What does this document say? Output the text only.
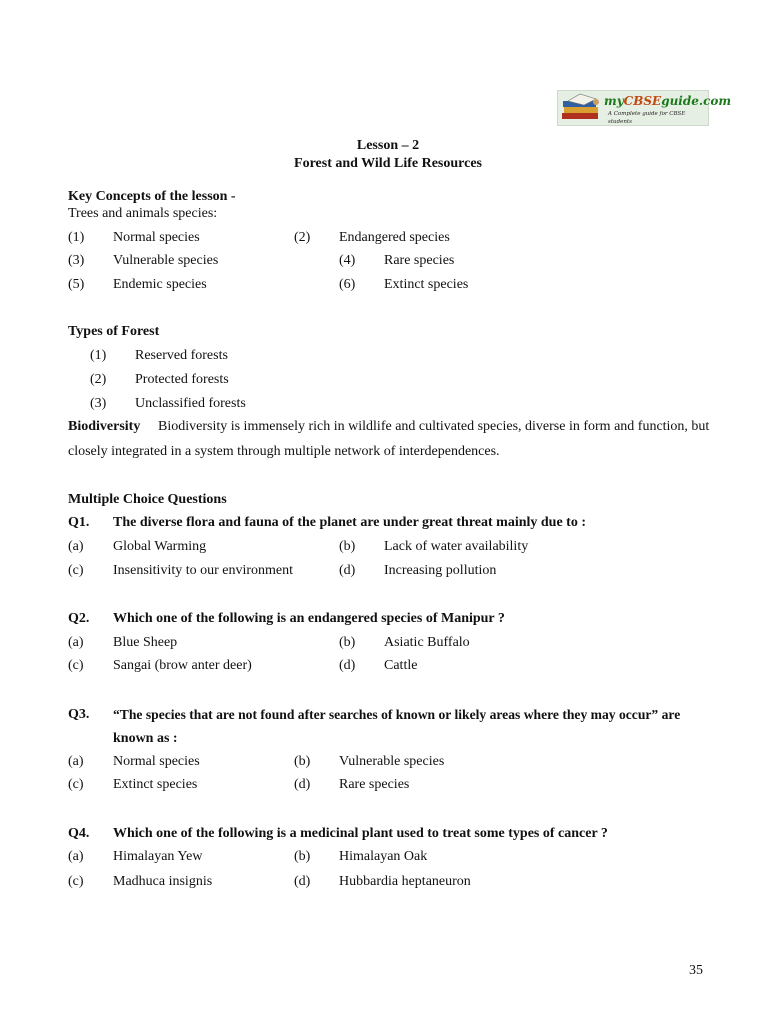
myCBSEguide.com
A Complete guide for CBSE students
Lesson – 2
Forest and Wild Life Resources
Key Concepts of the lesson -
Trees and animals species:
(1) Normal species	(2) Endangered species
(3) Vulnerable species	(4) Rare species
(5) Endemic species	(6) Extinct species
Types of Forest
(1) Reserved forests
(2) Protected forests
(3) Unclassified forests
Biodiversity Biodiversity is immensely rich in wildlife and cultivated species, diverse in form and function, but
closely integrated in a system through multiple network of interdependences.
Multiple Choice Questions
Q1. The diverse flora and fauna of the planet are under great threat mainly due to :
(a) Global Warming	(b) Lack of water availability
(c) Insensitivity to our environment	(d) Increasing pollution
Q2. Which one of the following is an endangered species of Manipur ?
(a) Blue Sheep	(b) Asiatic Buffalo
(c) Sangai (brow anter deer)	(d) Cattle
Q3. “The species that are not found after searches of known or likely areas where they may occur” are
known as :
(a) Normal species	(b) Vulnerable species
(c) Extinct species	(d) Rare species
Q4. Which one of the following is a medicinal plant used to treat some types of cancer ?
(a) Himalayan Yew	(b) Himalayan Oak
(c) Madhuca insignis	(d) Hubbardia heptaneuron
35
